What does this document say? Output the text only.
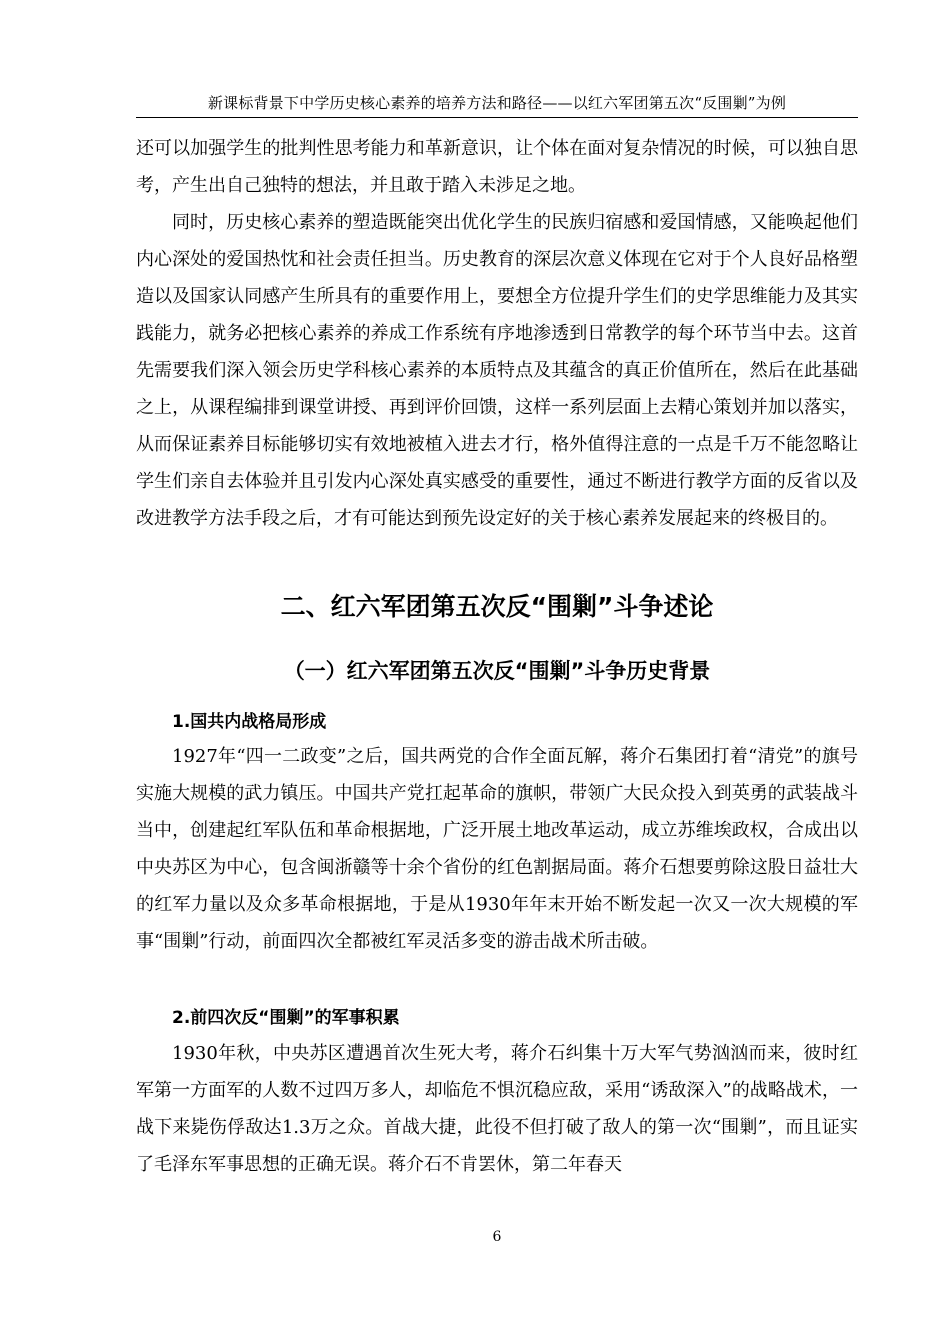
新课标背景下中学历史核心素养的培养方法和路径——以红六军团第五次“反围剿”为例

还可以加强学生的批判性思考能力和革新意识，让个体在面对复杂情况的时候，可以独自思考，产生出自己独特的想法，并且敢于踏入未涉足之地。

同时，历史核心素养的塑造既能突出优化学生的民族归宿感和爱国情感，又能唤起他们内心深处的爱国热忱和社会责任担当。历史教育的深层次意义体现在它对于个人良好品格塑造以及国家认同感产生所具有的重要作用上，要想全方位提升学生们的史学思维能力及其实践能力，就务必把核心素养的养成工作系统有序地渗透到日常教学的每个环节当中去。这首先需要我们深入领会历史学科核心素养的本质特点及其蕴含的真正价值所在，然后在此基础之上，从课程编排到课堂讲授、再到评价回馈，这样一系列层面上去精心策划并加以落实，从而保证素养目标能够切实有效地被植入进去才行，格外值得注意的一点是千万不能忽略让学生们亲自去体验并且引发内心深处真实感受的重要性，通过不断进行教学方面的反省以及改进教学方法手段之后，才有可能达到预先设定好的关于核心素养发展起来的终极目的。

二、红六军团第五次反“围剿”斗争述论
（一）红六军团第五次反“围剿”斗争历史背景
1.国共内战格局形成

1927年“四一二政变”之后，国共两党的合作全面瓦解，蒋介石集团打着“清党”的旗号实施大规模的武力镇压。中国共产党扛起革命的旗帜，带领广大民众投入到英勇的武装战斗当中，创建起红军队伍和革命根据地，广泛开展土地改革运动，成立苏维埃政权，合成出以中央苏区为中心，包含闽浙赣等十余个省份的红色割据局面。蒋介石想要剪除这股日益壮大的红军力量以及众多革命根据地，于是从1930年年末开始不断发起一次又一次大规模的军事“围剿”行动，前面四次全都被红军灵活多变的游击战术所击破。

2.前四次反“围剿”的军事积累

1930年秋，中央苏区遭遇首次生死大考，蒋介石纠集十万大军气势汹汹而来，彼时红军第一方面军的人数不过四万多人，却临危不惧沉稳应敌，采用“诱敌深入”的战略战术，一战下来毙伤俘敌达1.3万之众。首战大捷，此役不但打破了敌人的第一次“围剿”，而且证实了毛泽东军事思想的正确无误。蒋介石不肯罢休，第二年春天

6
